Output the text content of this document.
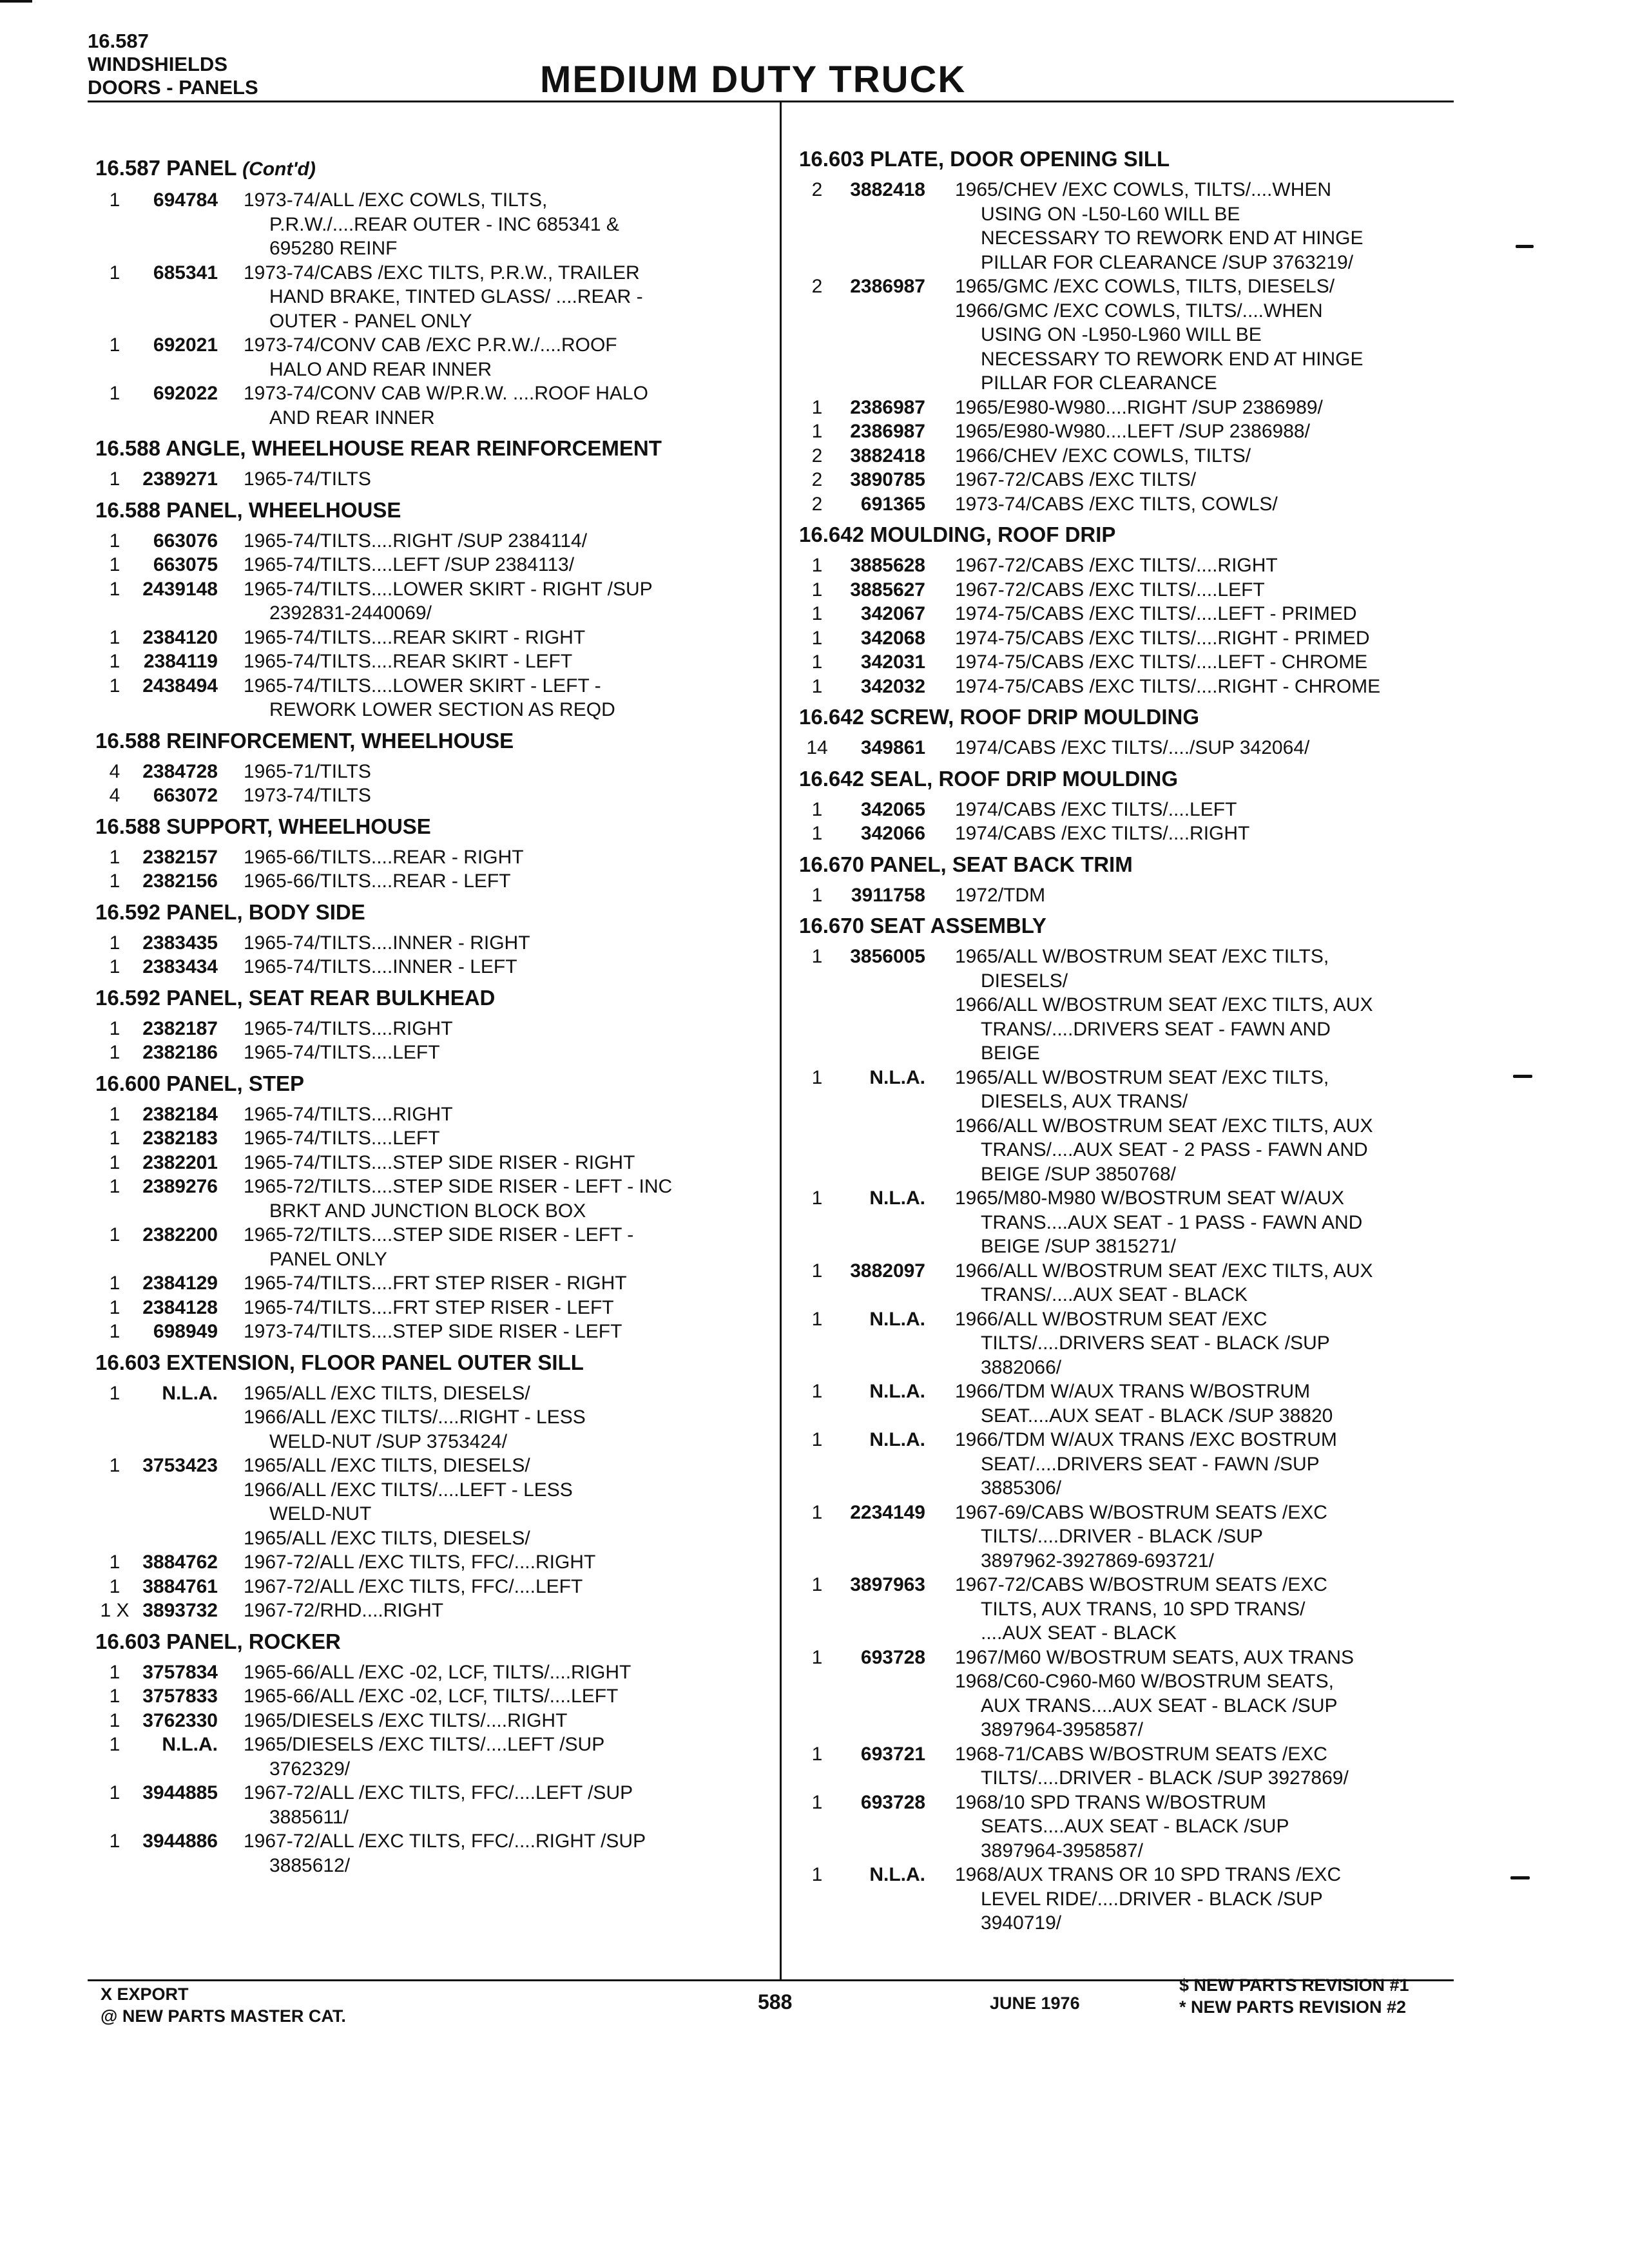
16.587
WINDSHIELDS
DOORS - PANELS	MEDIUM DUTY TRUCK
16.587 PANEL (Cont'd)
1	694784 1973-74/ALL /EXC COWLS, TILTS,
P.R.W./....REAR OUTER - INC 685341 &
695280 REINF
1	685341 1973-74/CABS /EXC TILTS, P.R.W., TRAILER
HAND BRAKE, TINTED GLASS/ ....REAR -
OUTER - PANEL ONLY
1	692021 1973-74/CONV CAB /EXC P.R.W./....ROOF
HALO AND REAR INNER
1	692022 1973-74/CONV CAB W/P.R.W. ....ROOF HALO
AND REAR INNER
16.588 ANGLE, WHEELHOUSE REAR REINFORCEMENT
1	2389271 1965-74/TILTS
16.588 PANEL, WHEELHOUSE
1	663076 1965-74/TILTS....RIGHT /SUP 2384114/
1	663075 1965-74/TILTS....LEFT /SUP 2384113/
1	2439148 1965-74/TILTS....LOWER SKIRT - RIGHT /SUP
2392831-2440069/
1	2384120 1965-74/TILTS....REAR SKIRT - RIGHT
1	2384119 1965-74/TILTS....REAR SKIRT - LEFT
1	2438494 1965-74/TILTS....LOWER SKIRT - LEFT -
REWORK LOWER SECTION AS REQD
16.588 REINFORCEMENT, WHEELHOUSE
4	2384728 1965-71/TILTS
4	663072 1973-74/TILTS
16.588 SUPPORT, WHEELHOUSE
1	2382157 1965-66/TILTS....REAR - RIGHT
1	2382156 1965-66/TILTS....REAR - LEFT
16.592 PANEL, BODY SIDE
1	2383435 1965-74/TILTS....INNER - RIGHT
1	2383434 1965-74/TILTS....INNER - LEFT
16.592 PANEL, SEAT REAR BULKHEAD
1	2382187 1965-74/TILTS....RIGHT
1	2382186 1965-74/TILTS....LEFT
16.600 PANEL, STEP
1	2382184 1965-74/TILTS....RIGHT
1	2382183 1965-74/TILTS....LEFT
1	2382201 1965-74/TILTS....STEP SIDE RISER - RIGHT
1	2389276 1965-72/TILTS....STEP SIDE RISER - LEFT - INC
BRKT AND JUNCTION BLOCK BOX
1	2382200 1965-72/TILTS....STEP SIDE RISER - LEFT -
PANEL ONLY
1	2384129 1965-74/TILTS....FRT STEP RISER - RIGHT
1	2384128 1965-74/TILTS....FRT STEP RISER - LEFT
1	698949 1973-74/TILTS....STEP SIDE RISER - LEFT
16.603 EXTENSION, FLOOR PANEL OUTER SILL
1	N.L.A. 1965/ALL /EXC TILTS, DIESELS/
1966/ALL /EXC TILTS/....RIGHT - LESS
WELD-NUT /SUP 3753424/
1	3753423 1965/ALL /EXC TILTS, DIESELS/
1966/ALL /EXC TILTS/....LEFT - LESS
WELD-NUT
1965/ALL /EXC TILTS, DIESELS/
1	3884762 1967-72/ALL /EXC TILTS, FFC/....RIGHT
1	3884761 1967-72/ALL /EXC TILTS, FFC/....LEFT
1 X 3893732 1967-72/RHD....RIGHT
16.603 PANEL, ROCKER
1	3757834 1965-66/ALL /EXC -02, LCF, TILTS/....RIGHT
1	3757833 1965-66/ALL /EXC -02, LCF, TILTS/....LEFT
1	3762330 1965/DIESELS /EXC TILTS/....RIGHT
1	N.L.A. 1965/DIESELS /EXC TILTS/....LEFT /SUP
3762329/
1	3944885 1967-72/ALL /EXC TILTS, FFC/....LEFT /SUP
3885611/
1	3944886 1967-72/ALL /EXC TILTS, FFC/....RIGHT /SUP
3885612/
16.603 PLATE, DOOR OPENING SILL
2	3882418 1965/CHEV /EXC COWLS, TILTS/....WHEN
USING ON -L50-L60 WILL BE
NECESSARY TO REWORK END AT HINGE
PILLAR FOR CLEARANCE /SUP 3763219/
2	2386987 1965/GMC /EXC COWLS, TILTS, DIESELS/
1966/GMC /EXC COWLS, TILTS/....WHEN
USING ON -L950-L960 WILL BE
NECESSARY TO REWORK END AT HINGE
PILLAR FOR CLEARANCE
1	2386987 1965/E980-W980....RIGHT /SUP 2386989/
1	2386987 1965/E980-W980....LEFT /SUP 2386988/
2	3882418 1966/CHEV /EXC COWLS, TILTS/
2	3890785 1967-72/CABS /EXC TILTS/
2	691365 1973-74/CABS /EXC TILTS, COWLS/
16.642 MOULDING, ROOF DRIP
1	3885628 1967-72/CABS /EXC TILTS/....RIGHT
1	3885627 1967-72/CABS /EXC TILTS/....LEFT
1	342067 1974-75/CABS /EXC TILTS/....LEFT - PRIMED
1	342068 1974-75/CABS /EXC TILTS/....RIGHT - PRIMED
1	342031 1974-75/CABS /EXC TILTS/....LEFT - CHROME
1	342032 1974-75/CABS /EXC TILTS/....RIGHT - CHROME
16.642 SCREW, ROOF DRIP MOULDING
14	349861 1974/CABS /EXC TILTS/..../SUP 342064/
16.642 SEAL, ROOF DRIP MOULDING
1	342065 1974/CABS /EXC TILTS/....LEFT
1	342066 1974/CABS /EXC TILTS/....RIGHT
16.670 PANEL, SEAT BACK TRIM
1	3911758 1972/TDM
16.670 SEAT ASSEMBLY
1	3856005 1965/ALL W/BOSTRUM SEAT /EXC TILTS,
DIESELS/
1966/ALL W/BOSTRUM SEAT /EXC TILTS, AUX
TRANS/....DRIVERS SEAT - FAWN AND
BEIGE
1	N.L.A. 1965/ALL W/BOSTRUM SEAT /EXC TILTS,
DIESELS, AUX TRANS/
1966/ALL W/BOSTRUM SEAT /EXC TILTS, AUX
TRANS/....AUX SEAT - 2 PASS - FAWN AND
BEIGE /SUP 3850768/
1	N.L.A. 1965/M80-M980 W/BOSTRUM SEAT W/AUX
TRANS....AUX SEAT - 1 PASS - FAWN AND
BEIGE /SUP 3815271/
1	3882097 1966/ALL W/BOSTRUM SEAT /EXC TILTS, AUX
TRANS/....AUX SEAT - BLACK
1	N.L.A. 1966/ALL W/BOSTRUM SEAT /EXC
TILTS/....DRIVERS SEAT - BLACK /SUP
3882066/
1	N.L.A. 1966/TDM W/AUX TRANS W/BOSTRUM
SEAT....AUX SEAT - BLACK /SUP 38820
1	N.L.A. 1966/TDM W/AUX TRANS /EXC BOSTRUM
SEAT/....DRIVERS SEAT - FAWN /SUP
3885306/
1	2234149 1967-69/CABS W/BOSTRUM SEATS /EXC
TILTS/....DRIVER - BLACK /SUP
3897962-3927869-693721/
1	3897963 1967-72/CABS W/BOSTRUM SEATS /EXC
TILTS, AUX TRANS, 10 SPD TRANS/
....AUX SEAT - BLACK
1	693728 1967/M60 W/BOSTRUM SEATS, AUX TRANS
1968/C60-C960-M60 W/BOSTRUM SEATS,
AUX TRANS....AUX SEAT - BLACK /SUP
3897964-3958587/
1	693721 1968-71/CABS W/BOSTRUM SEATS /EXC
TILTS/....DRIVER - BLACK /SUP 3927869/
1	693728 1968/10 SPD TRANS W/BOSTRUM
SEATS....AUX SEAT - BLACK /SUP
3897964-3958587/
1	N.L.A. 1968/AUX TRANS OR 10 SPD TRANS /EXC
LEVEL RIDE/....DRIVER - BLACK /SUP
3940719/
X EXPORT
@ NEW PARTS MASTER CAT.
588	JUNE 1976
$ NEW PARTS REVISION #1
* NEW PARTS REVISION #2
